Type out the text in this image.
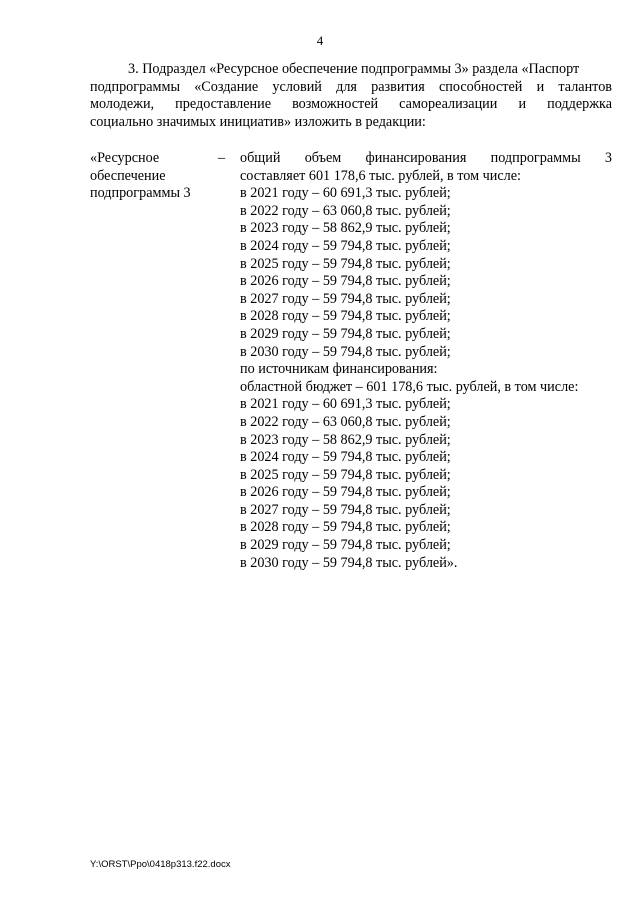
4
3. Подраздел «Ресурсное обеспечение подпрограммы 3» раздела «Паспорт
подпрограммы «Создание условий для развития способностей и талантов
молодежи, предоставление возможностей самореализации и поддержка
социально значимых инициатив» изложить в редакции:
«Ресурсное
обеспечение
подпрограммы 3
– общий объем финансирования подпрограммы 3
составляет 601 178,6 тыс. рублей, в том числе:
в 2021 году – 60 691,3 тыс. рублей;
в 2022 году – 63 060,8 тыс. рублей;
в 2023 году – 58 862,9 тыс. рублей;
в 2024 году – 59 794,8 тыс. рублей;
в 2025 году – 59 794,8 тыс. рублей;
в 2026 году – 59 794,8 тыс. рублей;
в 2027 году – 59 794,8 тыс. рублей;
в 2028 году – 59 794,8 тыс. рублей;
в 2029 году – 59 794,8 тыс. рублей;
в 2030 году – 59 794,8 тыс. рублей;
по источникам финансирования:
областной бюджет – 601 178,6 тыс. рублей, в том числе:
в 2021 году – 60 691,3 тыс. рублей;
в 2022 году – 63 060,8 тыс. рублей;
в 2023 году – 58 862,9 тыс. рублей;
в 2024 году – 59 794,8 тыс. рублей;
в 2025 году – 59 794,8 тыс. рублей;
в 2026 году – 59 794,8 тыс. рублей;
в 2027 году – 59 794,8 тыс. рублей;
в 2028 году – 59 794,8 тыс. рублей;
в 2029 году – 59 794,8 тыс. рублей;
в 2030 году – 59 794,8 тыс. рублей».
Y:\ORST\Ppo\0418p313.f22.docx
